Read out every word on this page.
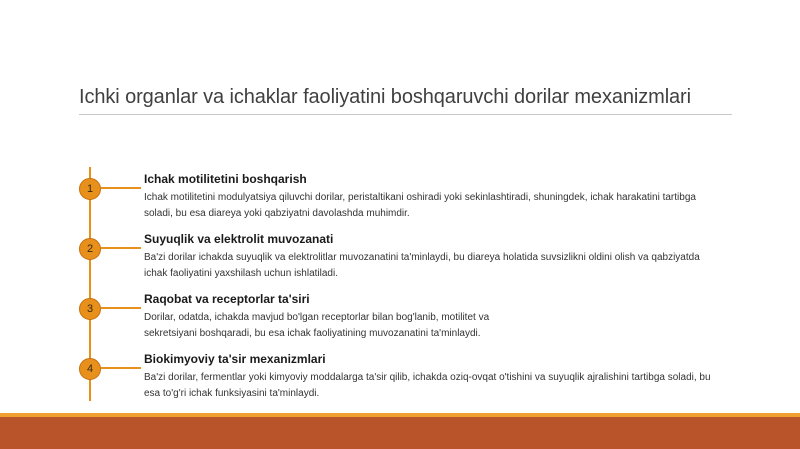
Ichki organlar va ichaklar faoliyatini boshqaruvchi dorilar mexanizmlari
1
Ichak motilitetini boshqarish
Ichak motilitetini modulyatsiya qiluvchi dorilar, peristaltikani oshiradi yoki sekinlashtiradi, shuningdek, ichak harakatini tartibga soladi, bu esa diareya yoki qabziyatni davolashda muhimdir.
2
Suyuqlik va elektrolit muvozanati
Ba'zi dorilar ichakda suyuqlik va elektrolitlar muvozanatini ta'minlaydi, bu diareya holatida suvsizlikni oldini olish va qabziyatda ichak faoliyatini yaxshilash uchun ishlatiladi.
3
Raqobat va receptorlar ta'siri
Dorilar, odatda, ichakda mavjud bo'lgan receptorlar bilan bog'lanib, motilitet va sekretsiyani boshqaradi, bu esa ichak faoliyatining muvozanatini ta'minlaydi.
4
Biokimyoviy ta'sir mexanizmlari
Ba'zi dorilar, fermentlar yoki kimyoviy moddalarga ta'sir qilib, ichakda oziq-ovqat o'tishini va suyuqlik ajralishini tartibga soladi, bu esa to'g'ri ichak funksiyasini ta'minlaydi.
